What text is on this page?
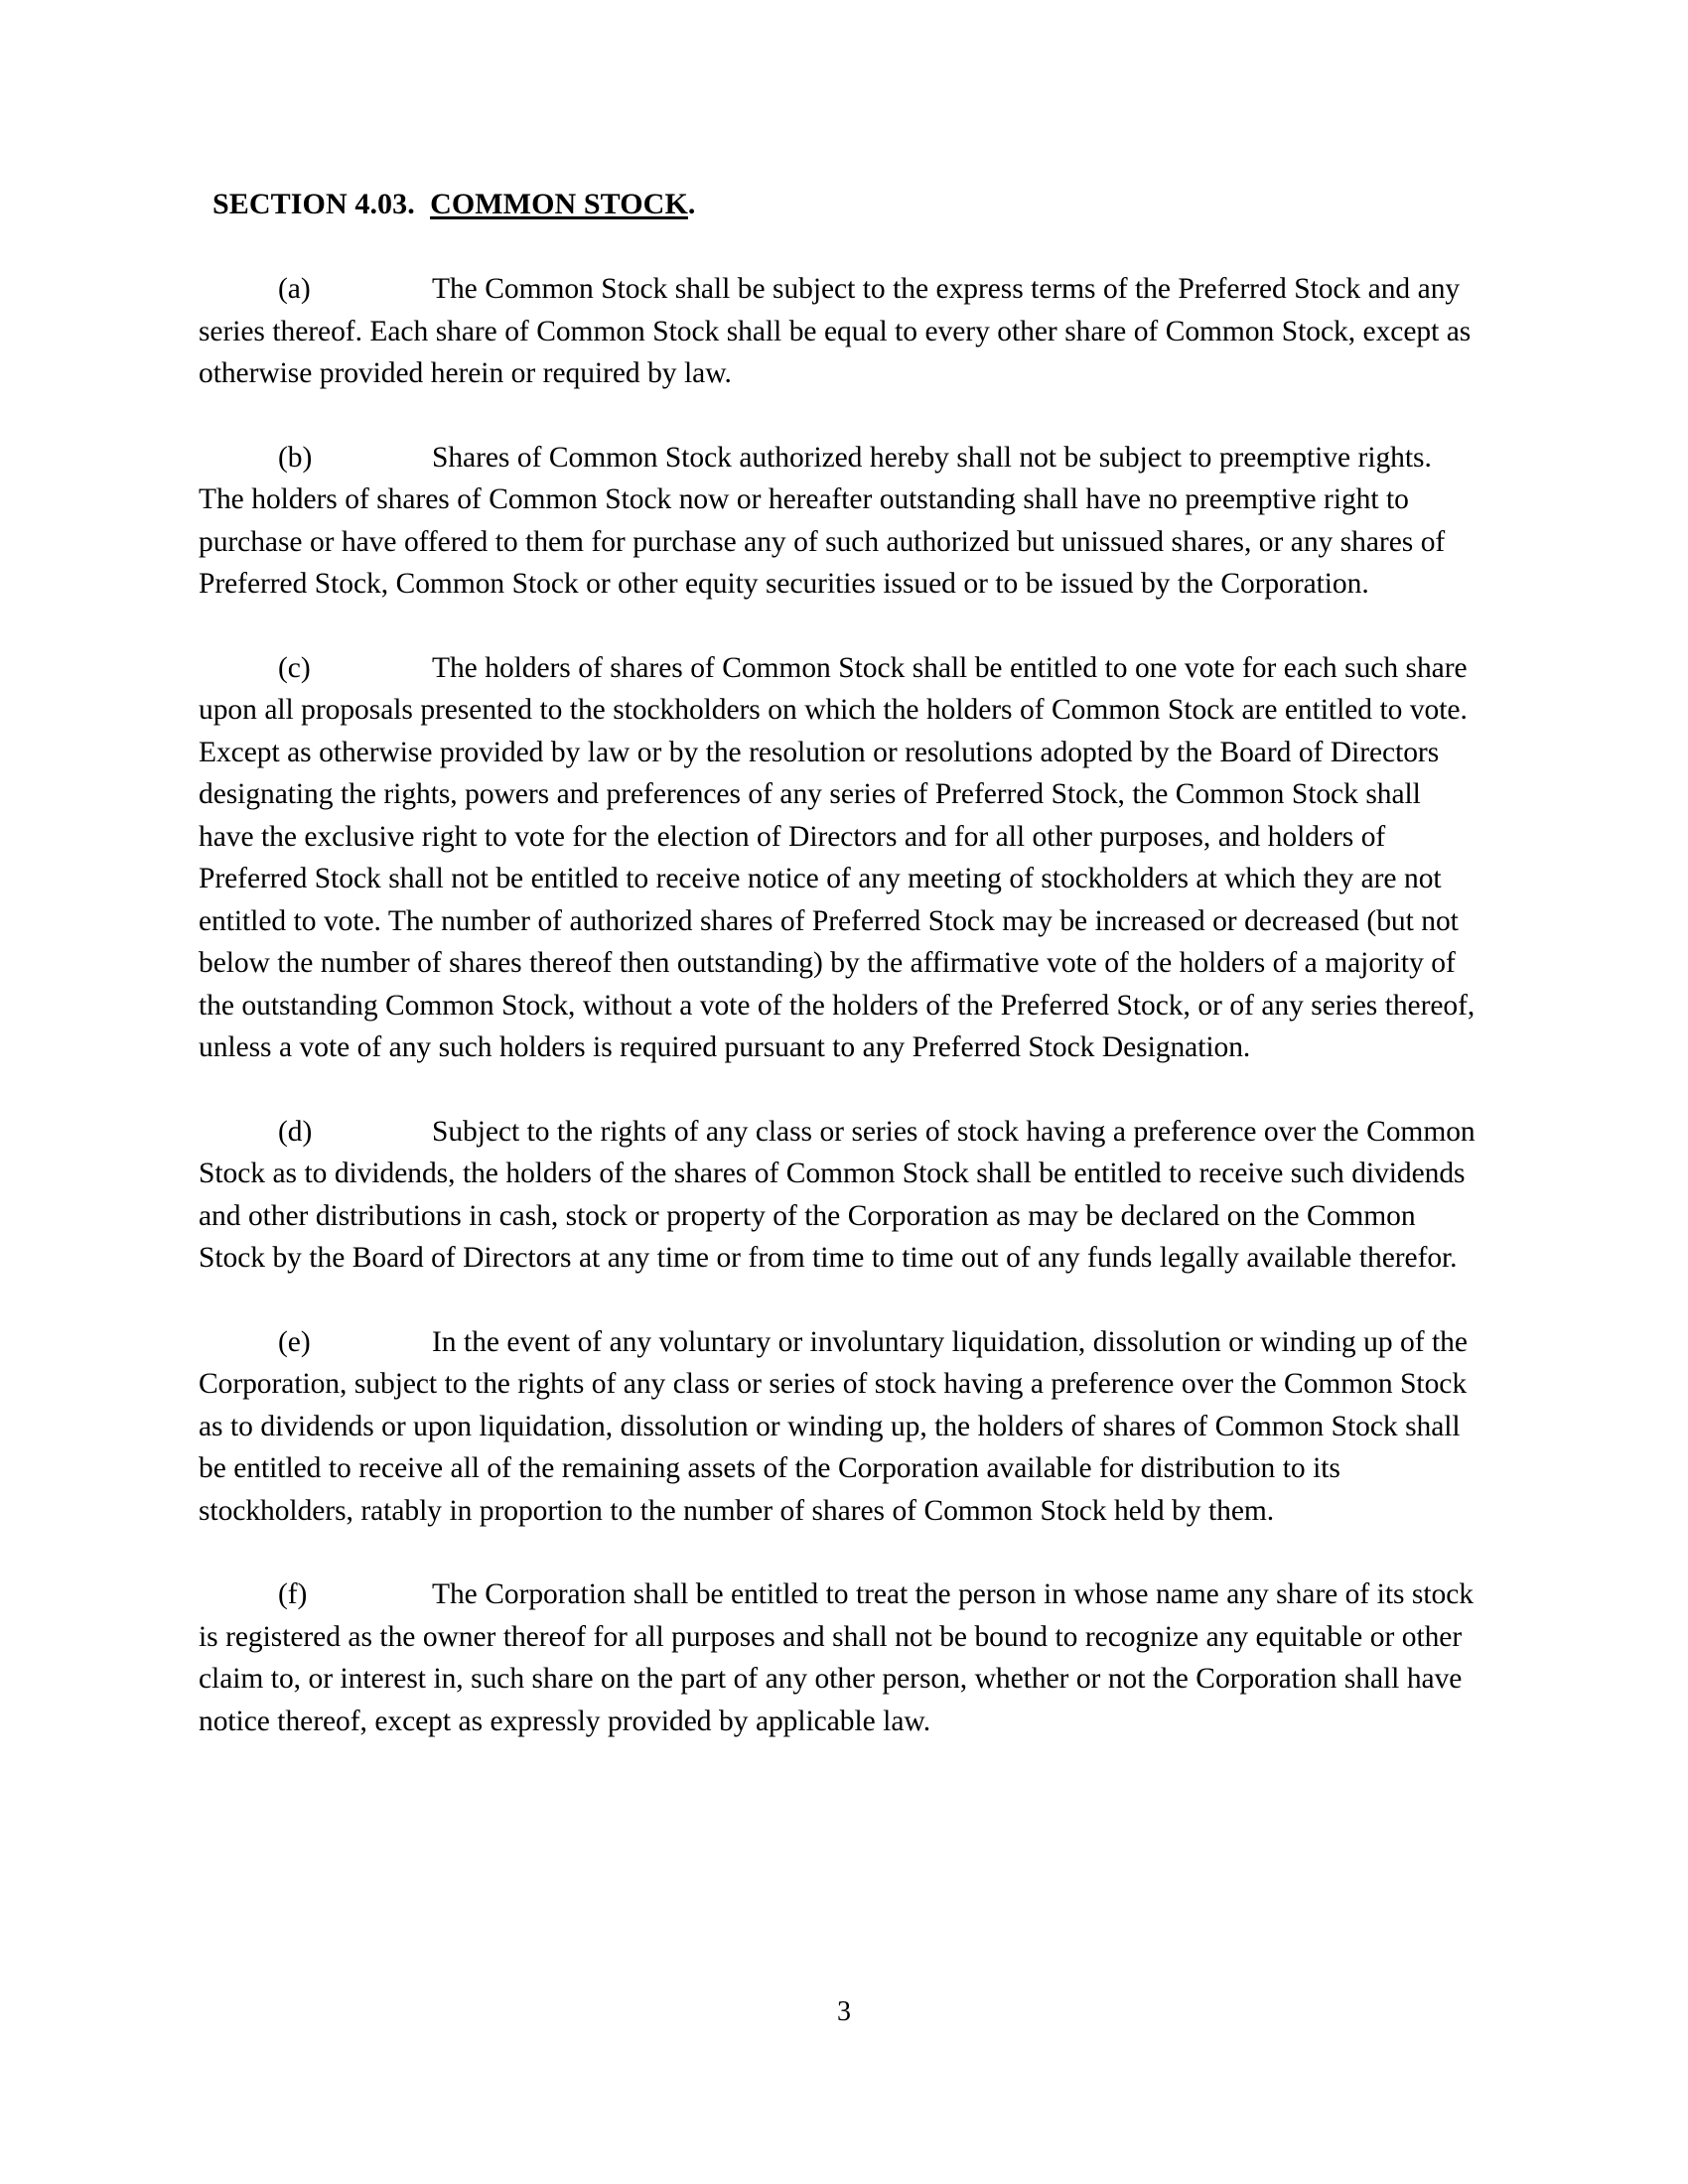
SECTION 4.03. COMMON STOCK.

(a)	The Common Stock shall be subject to the express terms of the Preferred Stock and any series thereof. Each share of Common Stock shall be equal to every other share of Common Stock, except as otherwise provided herein or required by law.

(b)	Shares of Common Stock authorized hereby shall not be subject to preemptive rights. The holders of shares of Common Stock now or hereafter outstanding shall have no preemptive right to purchase or have offered to them for purchase any of such authorized but unissued shares, or any shares of Preferred Stock, Common Stock or other equity securities issued or to be issued by the Corporation.

(c)	The holders of shares of Common Stock shall be entitled to one vote for each such share upon all proposals presented to the stockholders on which the holders of Common Stock are entitled to vote. Except as otherwise provided by law or by the resolution or resolutions adopted by the Board of Directors designating the rights, powers and preferences of any series of Preferred Stock, the Common Stock shall have the exclusive right to vote for the election of Directors and for all other purposes, and holders of Preferred Stock shall not be entitled to receive notice of any meeting of stockholders at which they are not entitled to vote. The number of authorized shares of Preferred Stock may be increased or decreased (but not below the number of shares thereof then outstanding) by the affirmative vote of the holders of a majority of the outstanding Common Stock, without a vote of the holders of the Preferred Stock, or of any series thereof, unless a vote of any such holders is required pursuant to any Preferred Stock Designation.

(d)	Subject to the rights of any class or series of stock having a preference over the Common Stock as to dividends, the holders of the shares of Common Stock shall be entitled to receive such dividends and other distributions in cash, stock or property of the Corporation as may be declared on the Common Stock by the Board of Directors at any time or from time to time out of any funds legally available therefor.

(e)	In the event of any voluntary or involuntary liquidation, dissolution or winding up of the Corporation, subject to the rights of any class or series of stock having a preference over the Common Stock as to dividends or upon liquidation, dissolution or winding up, the holders of shares of Common Stock shall be entitled to receive all of the remaining assets of the Corporation available for distribution to its stockholders, ratably in proportion to the number of shares of Common Stock held by them.

(f)	The Corporation shall be entitled to treat the person in whose name any share of its stock is registered as the owner thereof for all purposes and shall not be bound to recognize any equitable or other claim to, or interest in, such share on the part of any other person, whether or not the Corporation shall have notice thereof, except as expressly provided by applicable law.

3
